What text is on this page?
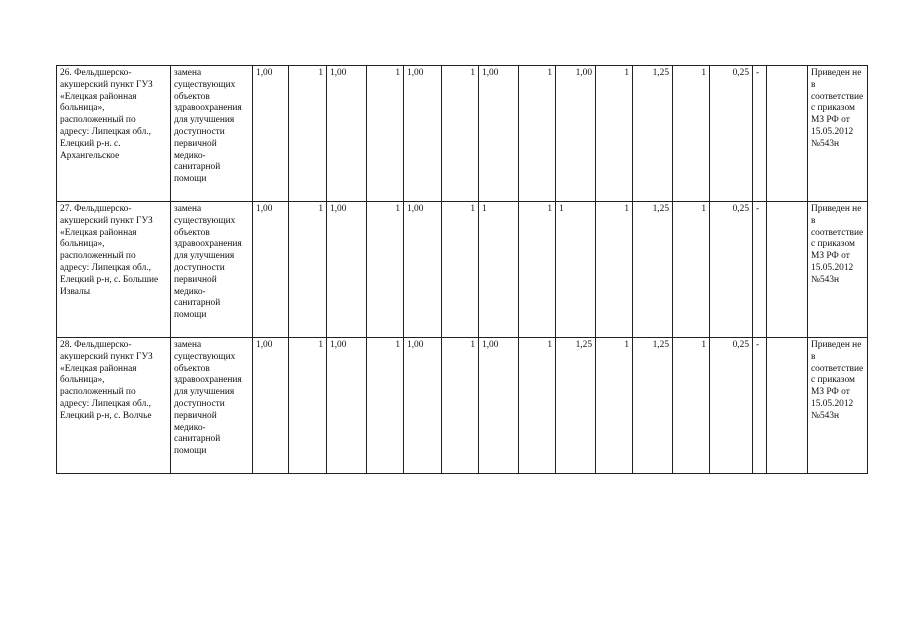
26. Фельдшерско-акушерский пункт ГУЗ «Елецкая районная больница», расположенный по адресу: Липецкая обл., Елецкий р-н. с. Архангельское	замена существующих объектов здравоохранения для улучшения доступности первичной медико-санитарной помощи	1,00	1	1,00	1	1,00	1	1,00	1	1,00	1	1,25	1	0,25	-		Приведен не в соответствие с приказом МЗ РФ от 15.05.2012 №543н
27. Фельдшерско-акушерский пункт ГУЗ «Елецкая районная больница», расположенный по адресу: Липецкая обл., Елецкий р-н, с. Большие Извалы	замена существующих объектов здравоохранения для улучшения доступности первичной медико-санитарной помощи	1,00	1	1,00	1	1,00	1	1	1	1	1	1,25	1	0,25	-		Приведен не в соответствие с приказом МЗ РФ от 15.05.2012 №543н
28. Фельдшерско-акушерский пункт ГУЗ «Елецкая районная больница», расположенный по адресу: Липецкая обл., Елецкий р-н, с. Волчье	замена существующих объектов здравоохранения для улучшения доступности первичной медико-санитарной помощи	1,00	1	1,00	1	1,00	1	1,00	1	1,25	1	1,25	1	0,25	-		Приведен не в соответствие с приказом МЗ РФ от 15.05.2012 №543н
